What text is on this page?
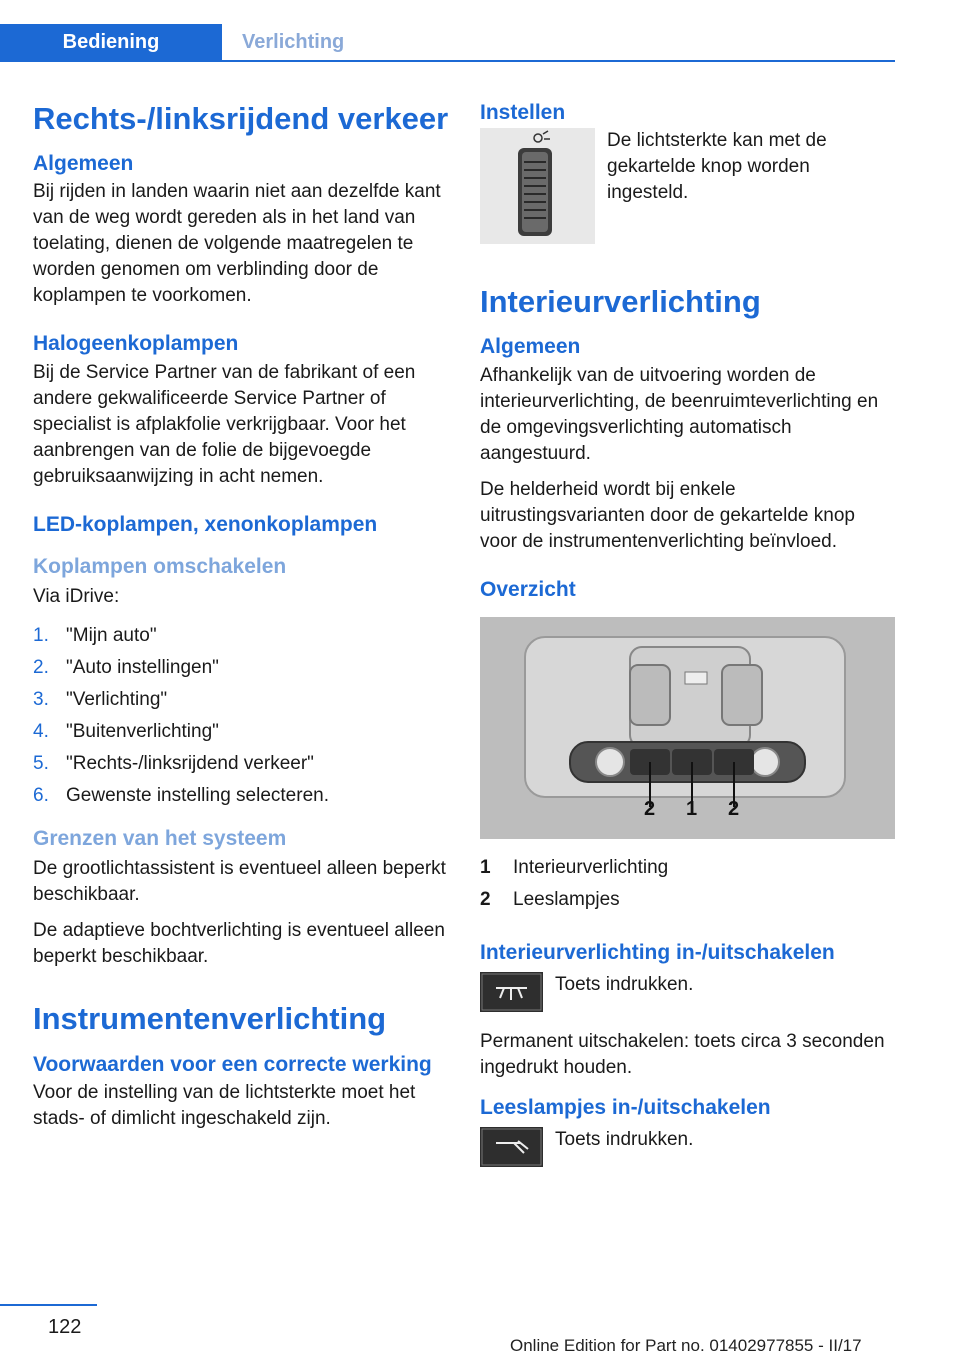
Bediening	Verlichting
Rechts-/linksrijdend verkeer
Algemeen

Bij rijden in landen waarin niet aan dezelfde kant van de weg wordt gereden als in het land van toelating, dienen de volgende maatregelen te worden genomen om verblinding door de koplampen te voorkomen.

Halogeenkoplampen

Bij de Service Partner van de fabrikant of een andere gekwalificeerde Service Partner of specialist is afplakfolie verkrijgbaar. Voor het aanbrengen van de folie de bijgevoegde gebruiksaanwijzing in acht nemen.

LED-koplampen, xenonkoplampen
Koplampen omschakelen

Via iDrive:

1. "Mijn auto"
2. "Auto instellingen"
3. "Verlichting"
4. "Buitenverlichting"
5. "Rechts-/linksrijdend verkeer"
6. Gewenste instelling selecteren.
Grenzen van het systeem

De grootlichtassistent is eventueel alleen beperkt beschikbaar.

De adaptieve bochtverlichting is eventueel alleen beperkt beschikbaar.

Instrumentenverlichting
Voorwaarden voor een correcte werking

Voor de instelling van de lichtsterkte moet het stads- of dimlicht ingeschakeld zijn.

Instellen

De lichtsterkte kan met de gekartelde knop worden ingesteld.

Interieurverlichting
Algemeen

Afhankelijk van de uitvoering worden de interieurverlichting, de beenruimteverlichting en de omgevingsverlichting automatisch aangestuurd.

De helderheid wordt bij enkele uitrustingsvarianten door de gekartelde knop voor de instrumentenverlichting beïnvloed.

Overzicht
2 1 2
1	Interieurverlichting
2	Leeslampjes
Interieurverlichting in-/uitschakelen

Toets indrukken.

Permanent uitschakelen: toets circa 3 seconden ingedrukt houden.

Leeslampjes in-/uitschakelen

Toets indrukken.

122
Online Edition for Part no. 01402977855 - II/17
